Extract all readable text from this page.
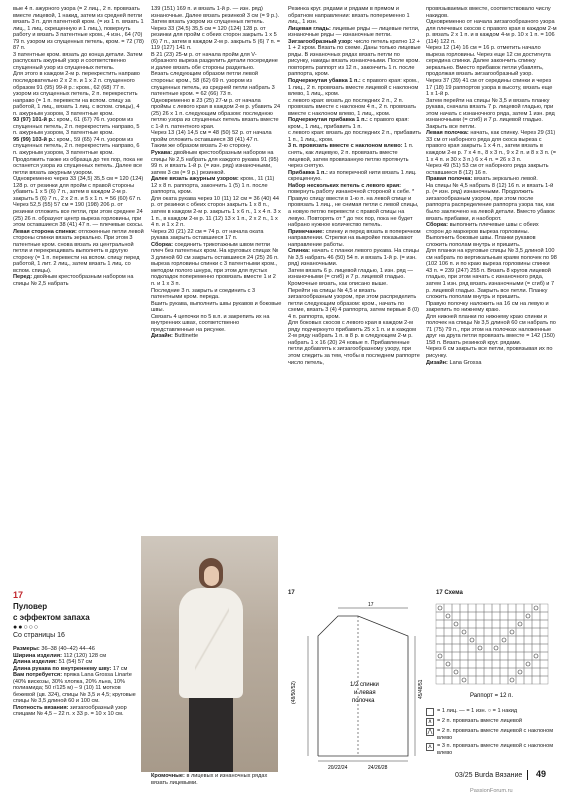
вые 4 п. ажурного узора (= 2 лиц., 2 п. провязать вместе лицевой, 1 накид, затем из средней петли вязать 3 п. для патентной кром. (= из 1 п. вязать 1 лиц., 1 лиц. скрещенную и 1 лиц.), повернуть работу и вязать 3 патентные кром., 4 изн., 64 (70) 79 п. узором из спущенных петель, кром. = 72 (78) 87 п.

3 патентные кром. вязать до конца детали. Затем распускать ажурный узор и соответственно спущенный узор из спущенных петель.

Для этого в каждом 2-м р. перекрестить направо последовательно 2 х 2 п. и 1 х 2 п. спущенного образом 91 (95) 99-й р.: кром., 62 (68) 77 п. узором из спущенных петель, 2 п. перекрестить направо (= 1 п. перевести на вспом. спицу за работой, 1 лиц., вязать 1 лиц. с вспом. спицы), 4 п. ажурным узором, 3 патентные кром.

93 (97) 101-й р.: кром., 61 (67) 76 п. узором из спущенных петель, 2 п. перекрестить направо, 5 п. ажурным узором, 3 патентные кром.

95 (99) 103-й р.: кром., 59 (65) 74 п. узором из спущенных петель, 2 п. перекрестить направо, 6 п. ажурным узором, 3 патентные кром.

Продолжить также из образца до тех пор, пока не останется узора из спущенных петель. Далее все петли вязать ажурным узором.

Одновременно через 33 (34,5) 35,5 см = 120 (124) 128 р. от резинки для пройм с правой стороны убавить 1 х 5 (6) 7 п., затем в каждом 2-м р. закрыть 5 (6) 7 п., 2 х 2 п. и 5 х 1 п. = 56 (60) 67 п.

Через 52,5 (55) 57 см = 190 (198) 206 р. от резинки отложить все петли, при этом среднее 24 (25) 26 п. образуют центр выреза горловины, при этом оставшиеся 38 (41) 47 п. — плечевые скосы.

Левая сторона спинки: отложенные петли левой стороны спинки вязать зеркально. При этом 3 патентные кром. снова вязать из центральной петли и перекрещивать выполнять в другую сторону (= 1 п. перевести на вспом. спицу перед работой, 1 лит. 2 лиц., затем вязать 1 лиц. со вспом. спицы).

Перед: двойным крестообразным набором на спицы № 2,5 набрать

139 (151) 169 п. и вязать 1-й р. — изн. ряд) изнаночные. Далее вязать резинкой 3 см (= 9 р.). Затем вязать узором из спущенных петель.

Через 33 (34,5) 35,5 см = 120 (124) 128 р. от резинки для пройм с обеих сторон закрыть 1 х 5 (6) 7 п., затем в каждом 2-м р. закрыть 5 (6) 7 п. = 119 (127) 141 п.

В 21 (23) 25-м р. от начала пройм для V-образного выреза разделить детали посередине и далее вязать обе стороны раздельно.

Вязать следующим образом петли левой стороны: кром., 58 (62) 69 п. узором из спущенных петель, из средней петли набрать 3 патентные кром. = 62 (66) 73 п.

Одновременно в 23 (25) 27-м р. от начала проймы с левого края в каждом 2-м р. убавить 24 (25) 26 х 1 п. следующим образом: последнюю петлю узора из спущенных петель вязать вместе с 1-й п. патентного края.

Через 13 (14) 14,5 см = 48 (50) 52 р. от начала пройм отложить оставшиеся 38 (41) 47 п.

Таким же образом вязать 2-ю сторону.

Рукава: двойным крестообразным набором на спицы № 2,5 набрать для каждого рукава 91 (95) 99 п. и вязать 1-й р. (= изн. ряд) изнаночными, затем 3 см (= 9 р.) резинкой.

Далее вязать ажурным узором: кром., 11 (11) 12 х 8 п. раппорта, закончить 1 (5) 1 п. после раппорта, кром.

Для оката рукава через 10 (11) 12 см = 36 (40) 44 р. от резинки с обеих сторон закрыть 1 х 8 п., затем в каждом 2-м р. закрыть 1 х 6 п., 1 х 4 п. 3 х 1 п., в каждом 2-м р. 11 (12) 13 х 1 п., 2 х 2 п., 1 х 4 п. и 1 х 2 п.

Через 20 (21) 22 см = 74 р. от начала оката рукава закрыть оставшиеся 17 п.

Сборка: соединить трикотажным швом петли плеч без патентных кром. На круговых спицах № 3 длиной 60 см закрыть оставшиеся 24 (25) 26 п. выреза горловины спинки с 3 патентными кром., методом полого шнура, при этом для пустых подкладок попеременно провязать вместе 1 и 2 п. и 1 х 3 п.

Последние 3 п. закрыть и соединить с 3 патентными кром. переда.

Вшить рукава, выполнить швы рукавов и боковые швы.

Связать 4 цепочки по 5 в.п. и закрепить их на внутренних швах, соответственно представленные на рисунке.

Дизайн: Buttinette

Резинка круг. рядами и рядами в прямом и обратном направлении: вязать попеременно 1 лиц., 1 изн.

Лицевая гладь: лицевые ряды — лицевые петли, изнаночные ряды — изнаночные петли.

Зигзагообразный узор: число петель кратно 12 + 1 + 2 кром. Вязать по схеме. Даны только лицевые ряды. В изнаночных рядах вязать петли по рисунку, накиды вязать изнаночными. После кром. повторять раппорт из 12 п., закончить 1 п. после раппорта, кром.

Подчеркнутая убавка 1 п.: с правого края: кром., 1 лиц., 2 п. провязать вместе лицевой с наклоном влево, 1 лиц., кром.

с левого края: вязать до последних 2 п., 2 п. провязать вместе с наклоном 4 п., 2 п. провязать вместе с наклоном влево, 1 лиц., кром.

Подчеркнутая прибавка 1 п.: с правого края: кром., 1 лиц., прибавить 1 п.

с левого края: вязать до последних 2 п., прибавить 1 п., 1 лиц., кром.

3 п. провязать вместе с наклоном влево: 1 п. снять, как лицевую, 2 п. провязать вместе лицевой, затем провязанную петлю протянуть через снятую.

Прибавка 1 п.: из поперечной нити вязать 1 лиц. скрещенную.

Набор нескольких петель с левого края: повернуть работу изнаночной стороной к себе. * Правую спицу ввести в 1-ю п. на левой спице и провязать 1 лиц., не снимая петли с левой спицы, а новую петлю перевести с правой спицы на левую. Повторять от * до тех пор, пока не будет набрано нужное количество петель.

Примечание: спинку и перед вязать в поперечном направлении. Стрелки на выкройке показывают направление работы.

Спинка: начать с планки левого рукава. На спицы № 3,5 набрать 46 (50) 54 п. и вязать 1-й р. (= изн. ряд) изнаночными.

Затем вязать 6 р. лицевой гладью, 1 изн. ряд — изнаночными (= сгиб) и 7 р. лицевой гладью. Кромочные вязать, как описано выше.

Перейти на спицы № 4,5 и вязать зигзагообразным узором, при этом распределить петли следующим образом: кром., начать по схеме, вязать 3 (4) 4 раппорта, затем первые 8 (0) 4 п. раппорта, кром.

Для боковых скосов с левого края в каждом 2-м ряду подчеркнуто прибавить 25 х 1 п. и в каждом 2-м ряду набрать 1 п. в 8 р. в следующем 2-м р. набрать 1 х 16 (20) 24 новые п. Прибавленные петли добавлять к зигзагообразному узору, при этом следить за тем, чтобы в последнем раппорте число петель,

провязываемых вместе, соответствовало числу накидов.

Одновременно от начала зигзагообразного узора для плечевых скосов с правого края в каждом 2-м р. вязать 2 х 1 п. и в каждом 4-м р. 10 х 1 п. = 106 (114) 122 п.

Через 12 (14) 16 см = 16 р. отметить начало выреза горловины. Через еще 12 см достигнута середина спинки. Далее закончить спинку зеркально. Вместо прибавок петли убавлять, продолжая вязать зигзагообразный узор.

Через 37 (39) 41 см от середины спинки и через 17 (18) 19 раппортов узора в высоту, вязать еще 1 х 1-й р.

Затем перейти на спицы № 3,5 и вязать планку рукава, сначала вязать 7 р. лицевой гладью, при этом начать с изнаночного ряда, затем 1 изн. ряд изнаночными (= сгиб) и 7 р. лицевой гладью. Закрыть все петли.

Левая полочка: начать, как спинку. Через 29 (31) 33 см от наборного ряда для скоса выреза с правого края закрыть 1 х 4 п., затем вязать в каждом 2-м р. 7 х 4 п., 8 х 3 п., 9 х 2 п. и 8 х 3 п. (= 1 х 4 п. и 30 х 3 п.) 6 х 4 п. = 26 х 3 п.

Через 49 (51) 53 см от наборного ряда закрыть оставшиеся 8 (12) 16 п.

Правая полочка: вязать зеркально левой.

На спицы № 4,5 набрать 8 (12) 16 п. и вязать 1-й р. (= изн. ряд) изнаночными. Продолжить зигзагообразным узором, при этом после раппорта распределение раппорта узора так, как было заключено на левой детали. Вместо убавок вязать прибавки, и наоборот.

Сборка: выполнить плечевые швы с обеих сторон до маркеров выреза горловины. Выполнить боковые швы. Планки рукавов сложить пополам внутрь и пришить.

Для планки на круговые спицы № 3,5 длиной 100 см набрать по вертикальным краям полочек по 98 (102 106 п. и по краю выреза горловины спинки 43 п. = 239 (247) 255 п. Вязать 8 кругов лицевой гладью, при этом начать с изнаночного ряда, затем 1 изн. ряд вязать изнаночными (= сгиб) и 7 р. лицевой гладью. Закрыть все петли. Планку сложить пополам внутрь и пришить.

Правую полочку наложить на 16 см на левую и закрепить по нижнему краю.

Для нижней планки по нижнему краю спинки и полочек на спицы № 3,5 длиной 60 см набрать по 71 (75) 79 п., при этом на полочках наложенные друг на друга петли провязать вместе = 142 (150) 158 п. Вязать резинкой круг. рядами.

Через 6 см закрыть все петли, провязывая их по рисунку.

Дизайн: Lana Grossa

17
Пуловер
с эффектом запаха
●●○○○
Со страницы 16

Размеры: 36–38 (40–42) 44–46

Ширина изделия: 112 (120) 128 см

Длина изделия: 51 (54) 57 см

Длина рукава по внутреннему шву: 17 см

Вам потребуется: пряжа Lana Grossa Linarte (40% вискозы, 30% хлопка, 20% льна, 10% полиамида; 50 г/125 м) – 9 (10) 11 мотков бежевой (цв. 324), спицы № 3,5 и 4,5; круговые спицы № 3,5 длиной 60 и 100 см.

Плотность вязания: зигзагообразный узор спицами № 4,5 – 22 п. х 33 р. = 10 х 10 см.

Кромочные: в лицевых и изнаночных рядах вязать лицевыми.
17
1/2 спинки
и левая
полочка
20/22/24	24/26/28
17
(48/50/52)	45/48/51
17 Схема
Раппорт = 12 п.
= 1 лиц. — = 1 изн. ○ = 1 накид
∧ = 2 п. провязать вместе лицевой
⋀ = 2 п. провязать вместе лицевой с наклоном влево
⋏ = 3 п. провязать вместе лицевой с наклоном влево
03/25 Burda Вязание 49
PassionForum.ru
